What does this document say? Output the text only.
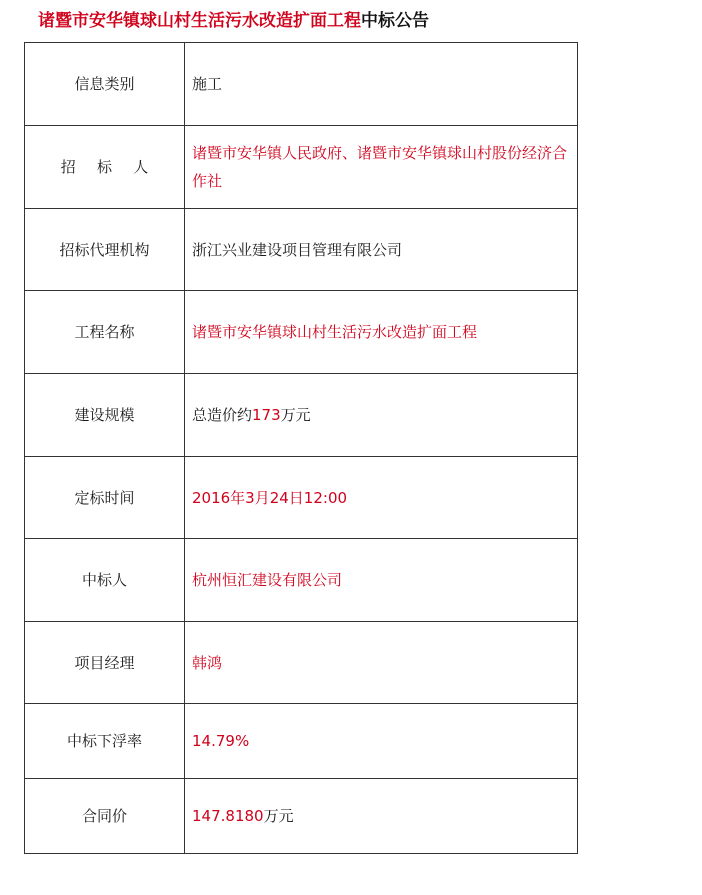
诸暨市安华镇球山村生活污水改造扩面工程中标公告
信息类别	施工
招 标 人	诸暨市安华镇人民政府、诸暨市安华镇球山村股份经济合作社
招标代理机构	浙江兴业建设项目管理有限公司
工程名称	诸暨市安华镇球山村生活污水改造扩面工程
建设规模	总造价约173万元
定标时间	2016年3月24日12:00
中标人	杭州恒汇建设有限公司
项目经理	韩鸿
中标下浮率	14.79%
合同价	147.8180万元
